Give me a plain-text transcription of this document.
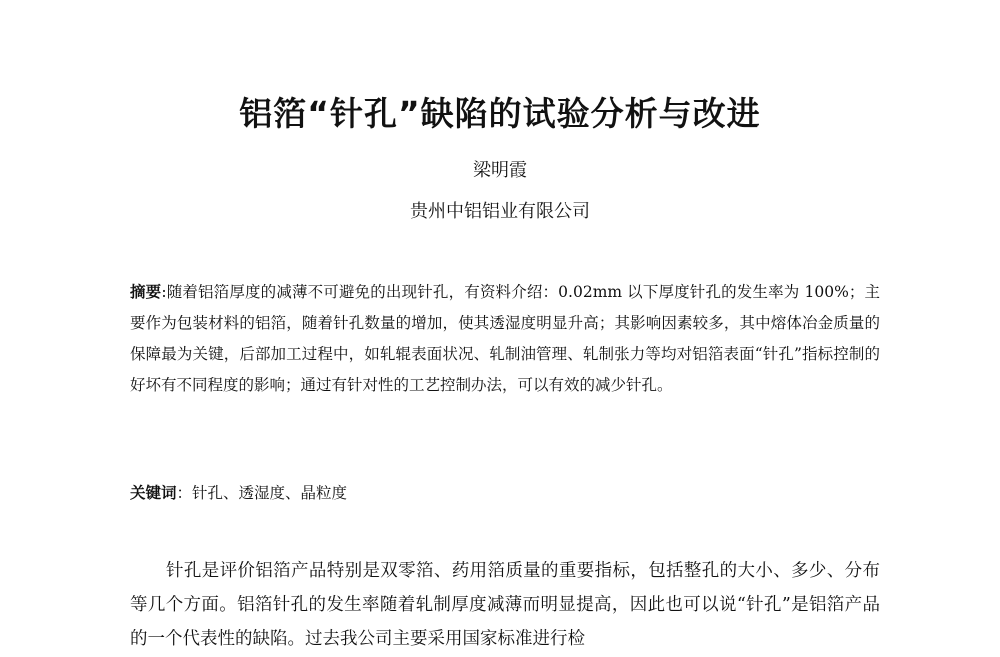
铝箔“针孔”缺陷的试验分析与改进
梁明霞
贵州中铝铝业有限公司
摘要:随着铝箔厚度的减薄不可避免的出现针孔，有资料介绍：0.02mm 以下厚度针孔的发生率为 100%；主要作为包装材料的铝箔，随着针孔数量的增加，使其透湿度明显升高；其影响因素较多，其中熔体冶金质量的保障最为关键，后部加工过程中，如轧辊表面状况、轧制油管理、轧制张力等均对铝箔表面“针孔”指标控制的好坏有不同程度的影响；通过有针对性的工艺控制办法，可以有效的减少针孔。
关键词：针孔、透湿度、晶粒度
针孔是评价铝箔产品特别是双零箔、药用箔质量的重要指标，包括整孔的大小、多少、分布等几个方面。铝箔针孔的发生率随着轧制厚度减薄而明显提高，因此也可以说“针孔”是铝箔产品的一个代表性的缺陷。过去我公司主要采用国家标准进行检
